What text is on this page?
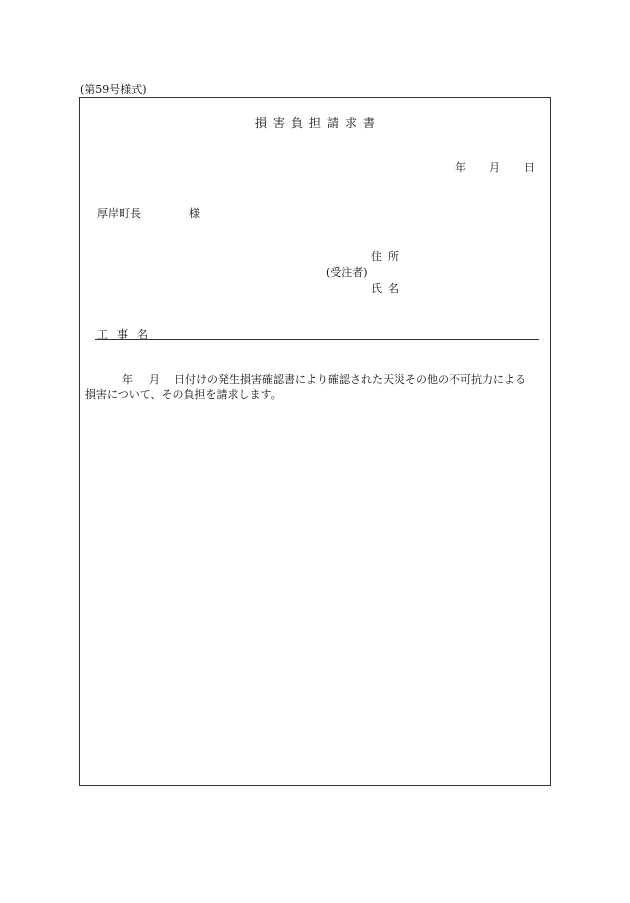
(第59号様式)
損害負担請求書
年 月 日
厚岸町長	様
住所
(受注者)
氏名
工事名
年 月 日付けの発生損害確認書により確認された天災その他の不可抗力による
損害について、その負担を請求します。
